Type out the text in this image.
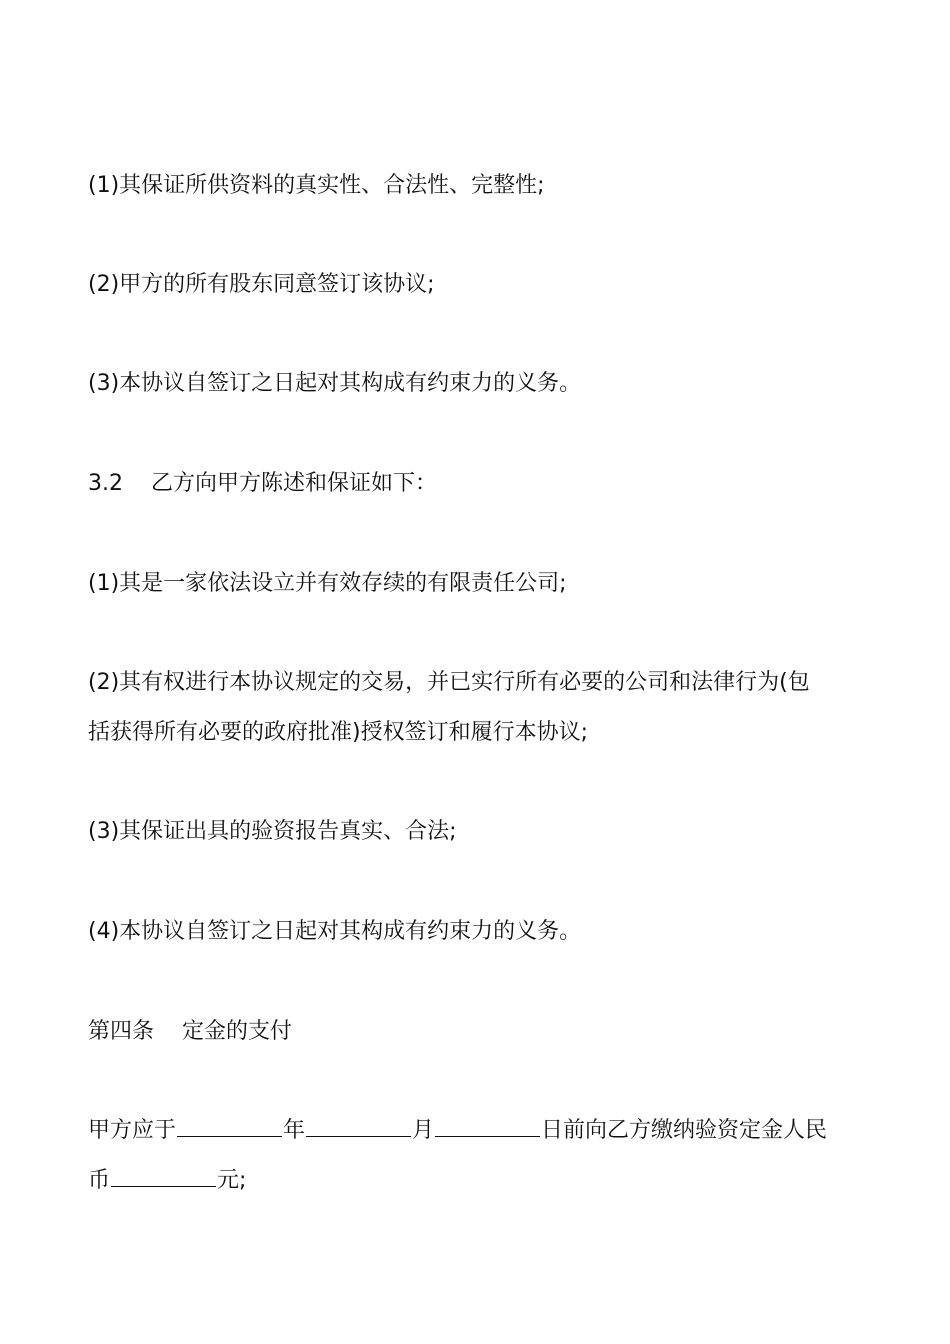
(1)其保证所供资料的真实性、合法性、完整性;

(2)甲方的所有股东同意签订该协议;

(3)本协议自签订之日起对其构成有约束力的义务。

3.2 乙方向甲方陈述和保证如下：

(1)其是一家依法设立并有效存续的有限责任公司;

(2)其有权进行本协议规定的交易，并已实行所有必要的公司和法律行为(包

括获得所有必要的政府批准)授权签订和履行本协议;

(3)其保证出具的验资报告真实、合法;

(4)本协议自签订之日起对其构成有约束力的义务。

第四条 定金的支付

甲方应于	年	月	日前向乙方缴纳验资定金人民

币	元;
